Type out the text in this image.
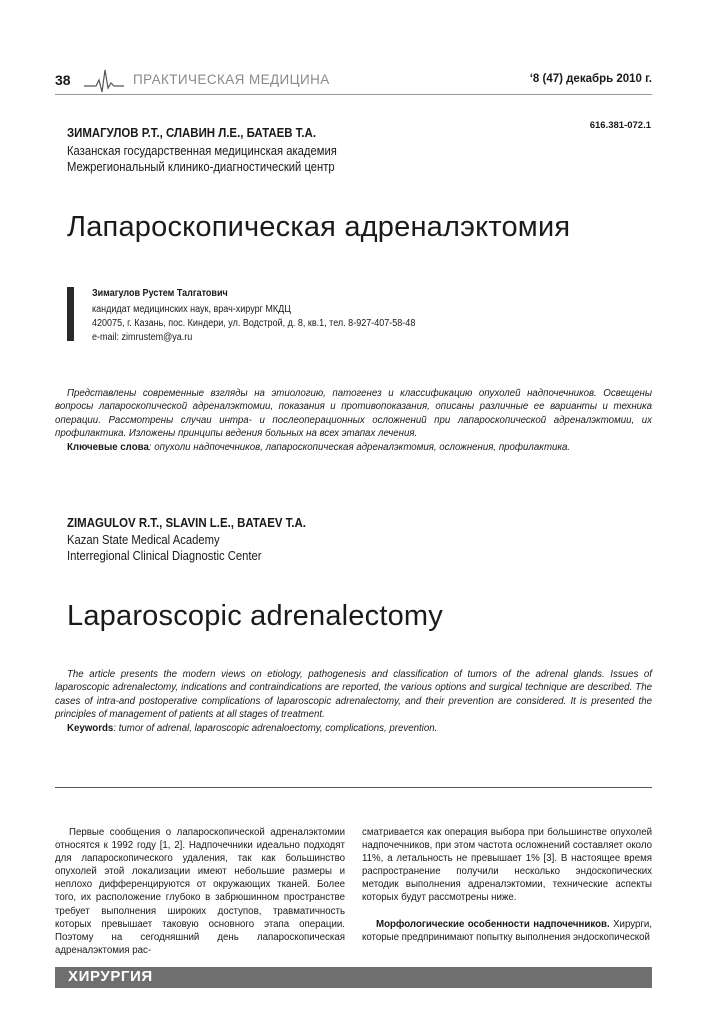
38	ПРАКТИЧЕСКАЯ МЕДИЦИНА	‘8 (47) декабрь 2010 г.
616.381-072.1
ЗИМАГУЛОВ Р.Т., СЛАВИН Л.Е., БАТАЕВ Т.А.
Казанская государственная медицинская академия
Межрегиональный клинико-диагностический центр
Лапароскопическая адреналэктомия
Зимагулов Рустем Талгатович
кандидат медицинских наук, врач-хирург МКДЦ
420075, г. Казань, пос. Киндери, ул. Водстрой, д. 8, кв.1, тел. 8-927-407-58-48
e-mail: zimrustem@ya.ru

Представлены современные взгляды на этиологию, патогенез и классификацию опухолей надпочечников. Освещены вопросы лапароскопической адреналэктомии, показания и противопоказания, описаны различные ее варианты и техника операции. Рассмотрены случаи интра- и послеоперационных осложнений при лапароскопической адреналэктомии, их профилактика. Изложены принципы ведения больных на всех этапах лечения.

Ключевые слова: опухоли надпочечников, лапароскопическая адреналэктомия, осложнения, профилактика.

ZIMAGULOV R.T., SLAVIN L.E., BATAEV T.A.
Kazan State Medical Academy
Interregional Clinical Diagnostic Center
Laparoscopic adrenalectomy

The article presents the modern views on etiology, pathogenesis and classification of tumors of the adrenal glands. Issues of laparoscopic adrenalectomy, indications and contraindications are reported, the various options and surgical technique are described. The cases of intra-and postoperative complications of laparoscopic adrenalectomy, and their prevention are considered. It is presented the principles of management of patients at all stages of treatment.

Keywords: tumor of adrenal, laparoscopic adrenaloectomy, complications, prevention.

Первые сообщения о лапароскопической адреналэктомии относятся к 1992 году [1, 2]. Надпочечники идеально подходят для лапароскопического удаления, так как большинство опухолей этой локализации имеют небольшие размеры и неплохо дифференцируются от окружающих тканей. Более того, их расположение глубоко в забрюшинном пространстве требует выполнения широких доступов, травматичность которых превышает таковую основного этапа операции. Поэтому на сегодняшний день лапароскопическая адреналэктомия рас-

сматривается как операция выбора при большинстве опухолей надпочечников, при этом частота осложнений составляет около 11%, а летальность не превышает 1% [3]. В настоящее время распространение получили несколько эндоскопических методик выполнения адреналэктомии, технические аспекты которых будут рассмотрены ниже.

Морфологические особенности надпочечников. Хирурги, которые предпринимают попытку выполнения эндоскопической

ХИРУРГИЯ
